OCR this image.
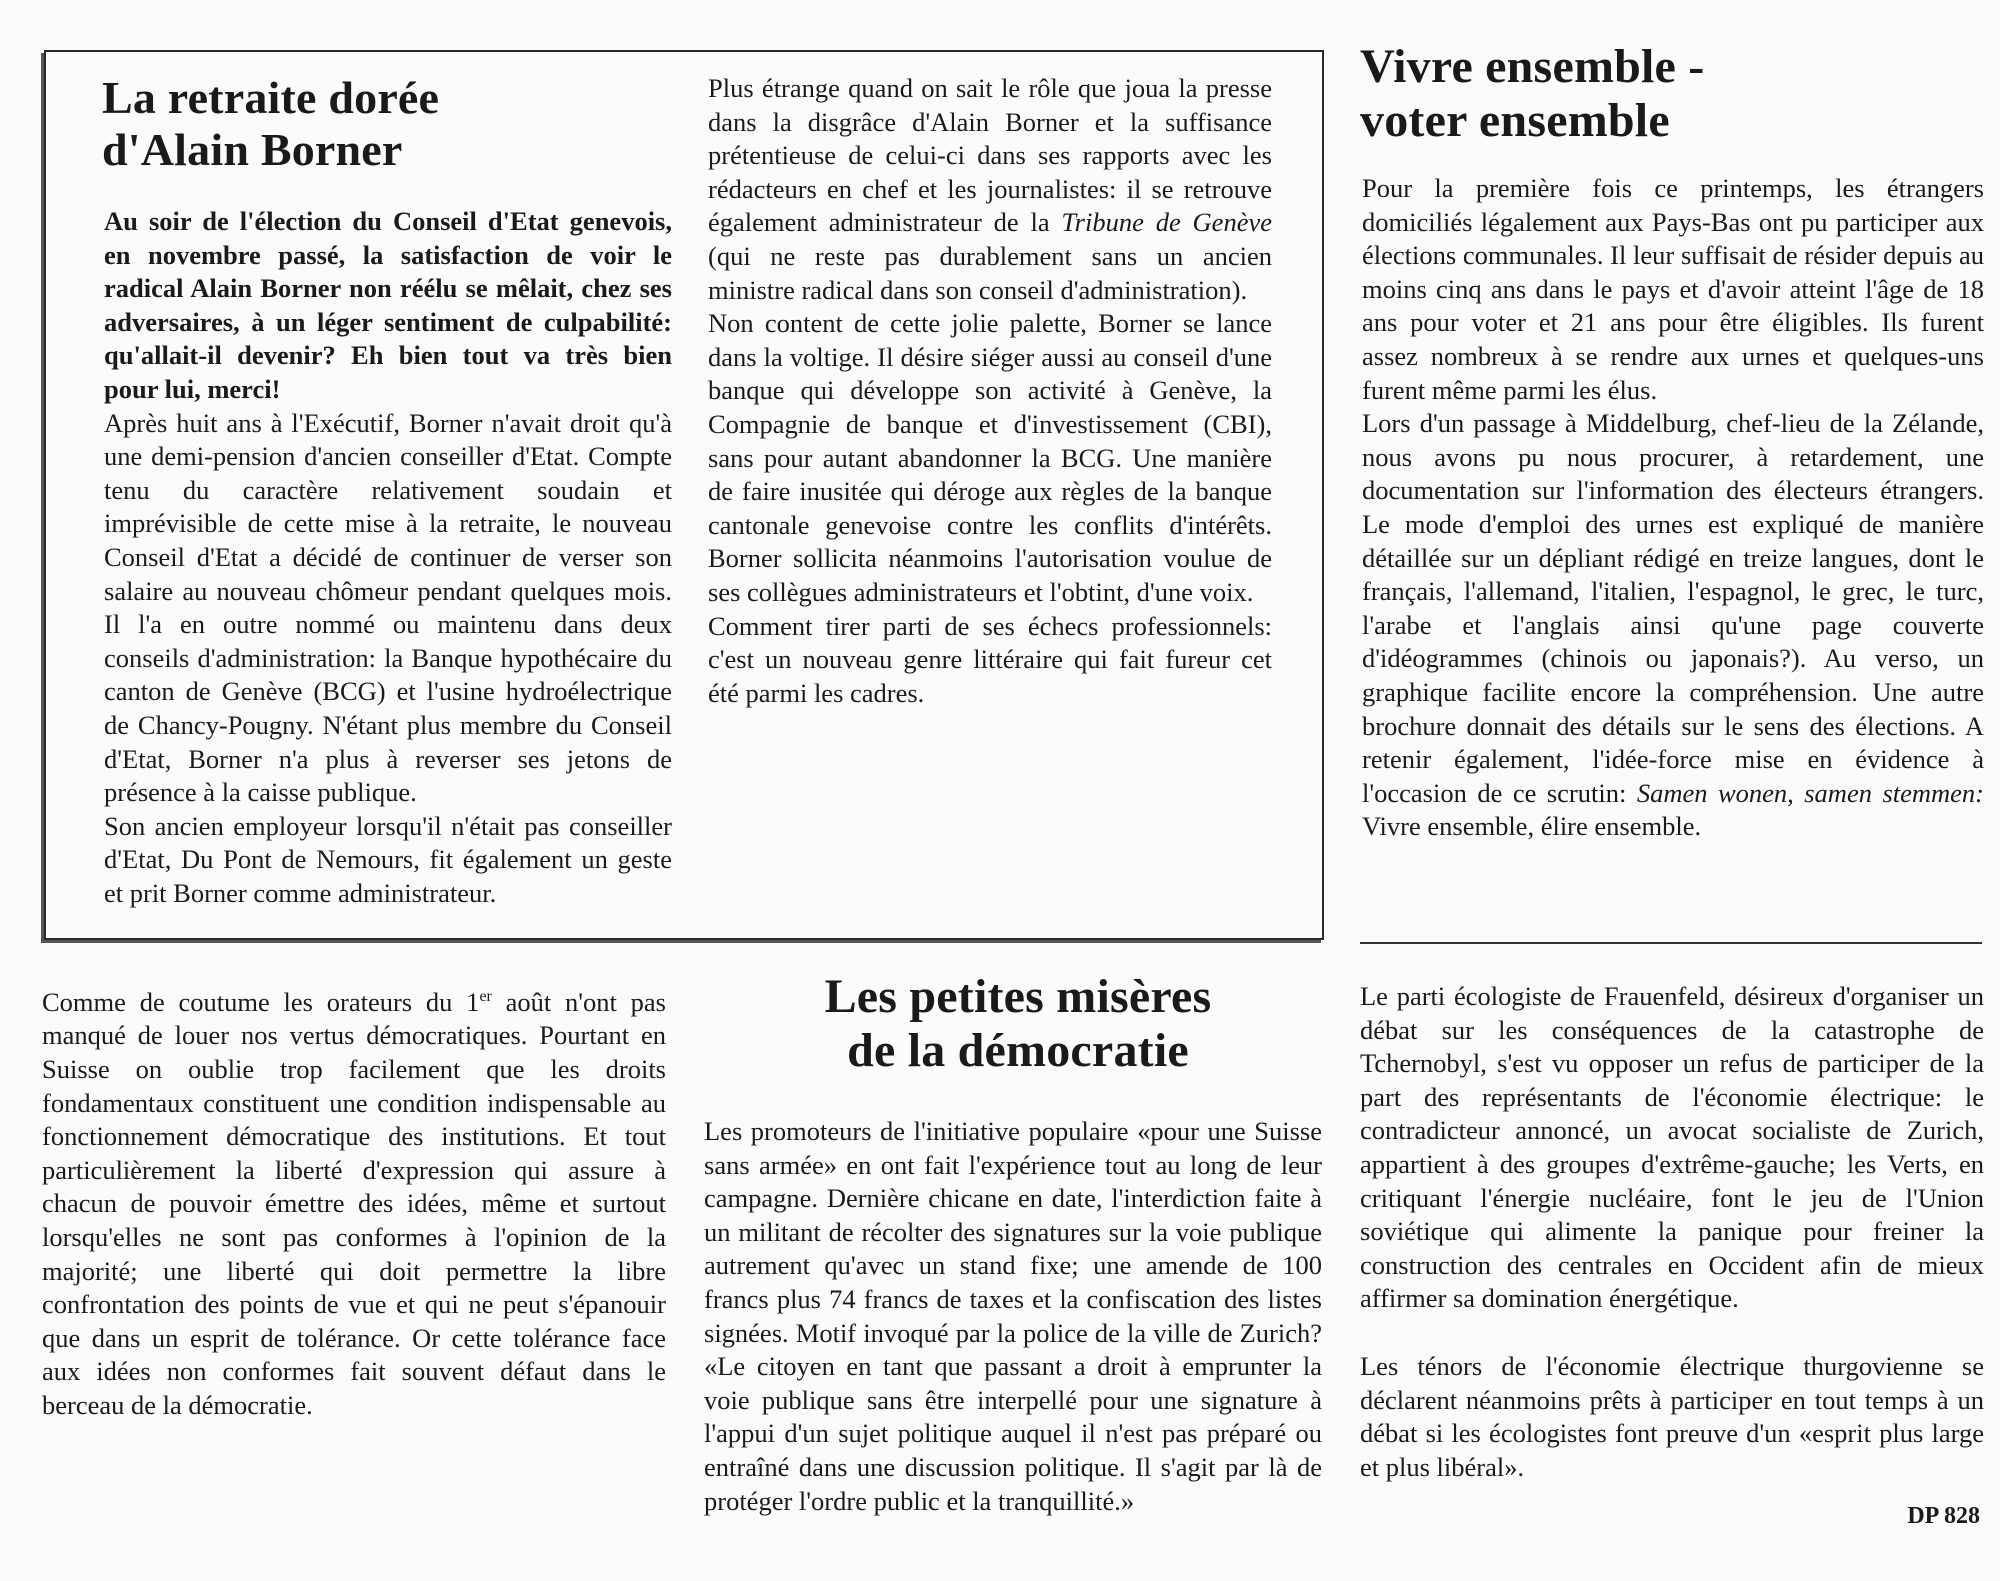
La retraite dorée
d'Alain Borner

Au soir de l'élection du Conseil d'Etat genevois, en novembre passé, la satisfaction de voir le radical Alain Borner non réélu se mêlait, chez ses adversaires, à un léger sentiment de culpabilité: qu'allait-il devenir? Eh bien tout va très bien pour lui, merci!

Après huit ans à l'Exécutif, Borner n'avait droit qu'à une demi-pension d'ancien conseiller d'Etat. Compte tenu du caractère relativement soudain et imprévisible de cette mise à la retraite, le nouveau Conseil d'Etat a décidé de continuer de verser son salaire au nouveau chômeur pendant quelques mois. Il l'a en outre nommé ou maintenu dans deux conseils d'administration: la Banque hypothécaire du canton de Genève (BCG) et l'usine hydroélectrique de Chancy-Pougny. N'étant plus membre du Conseil d'Etat, Borner n'a plus à reverser ses jetons de présence à la caisse publique.

Son ancien employeur lorsqu'il n'était pas conseiller d'Etat, Du Pont de Nemours, fit également un geste et prit Borner comme administrateur.

Plus étrange quand on sait le rôle que joua la presse dans la disgrâce d'Alain Borner et la suffisance prétentieuse de celui-ci dans ses rapports avec les rédacteurs en chef et les journalistes: il se retrouve également administrateur de la Tribune de Genève (qui ne reste pas durablement sans un ancien ministre radical dans son conseil d'administration).

Non content de cette jolie palette, Borner se lance dans la voltige. Il désire siéger aussi au conseil d'une banque qui développe son activité à Genève, la Compagnie de banque et d'investissement (CBI), sans pour autant abandonner la BCG. Une manière de faire inusitée qui déroge aux règles de la banque cantonale genevoise contre les conflits d'intérêts. Borner sollicita néanmoins l'autorisation voulue de ses collègues administrateurs et l'obtint, d'une voix.

Comment tirer parti de ses échecs professionnels: c'est un nouveau genre littéraire qui fait fureur cet été parmi les cadres.

Vivre ensemble -
voter ensemble

Pour la première fois ce printemps, les étrangers domiciliés légalement aux Pays-Bas ont pu participer aux élections communales. Il leur suffisait de résider depuis au moins cinq ans dans le pays et d'avoir atteint l'âge de 18 ans pour voter et 21 ans pour être éligibles. Ils furent assez nombreux à se rendre aux urnes et quelques-uns furent même parmi les élus.

Lors d'un passage à Middelburg, chef-lieu de la Zélande, nous avons pu nous procurer, à retardement, une documentation sur l'information des électeurs étrangers. Le mode d'emploi des urnes est expliqué de manière détaillée sur un dépliant rédigé en treize langues, dont le français, l'allemand, l'italien, l'espagnol, le grec, le turc, l'arabe et l'anglais ainsi qu'une page couverte d'idéogrammes (chinois ou japonais?). Au verso, un graphique facilite encore la compréhension. Une autre brochure donnait des détails sur le sens des élections. A retenir également, l'idée-force mise en évidence à l'occasion de ce scrutin: Samen wonen, samen stemmen: Vivre ensemble, élire ensemble.

Les petites misères
de la démocratie

Comme de coutume les orateurs du 1er août n'ont pas manqué de louer nos vertus démocratiques. Pourtant en Suisse on oublie trop facilement que les droits fondamentaux constituent une condition indispensable au fonctionnement démocratique des institutions. Et tout particulièrement la liberté d'expression qui assure à chacun de pouvoir émettre des idées, même et surtout lorsqu'elles ne sont pas conformes à l'opinion de la majorité; une liberté qui doit permettre la libre confrontation des points de vue et qui ne peut s'épanouir que dans un esprit de tolérance. Or cette tolérance face aux idées non conformes fait souvent défaut dans le berceau de la démocratie.

Les promoteurs de l'initiative populaire «pour une Suisse sans armée» en ont fait l'expérience tout au long de leur campagne. Dernière chicane en date, l'interdiction faite à un militant de récolter des signatures sur la voie publique autrement qu'avec un stand fixe; une amende de 100 francs plus 74 francs de taxes et la confiscation des listes signées. Motif invoqué par la police de la ville de Zurich? «Le citoyen en tant que passant a droit à emprunter la voie publique sans être interpellé pour une signature à l'appui d'un sujet politique auquel il n'est pas préparé ou entraîné dans une discussion politique. Il s'agit par là de protéger l'ordre public et la tranquillité.»

Le parti écologiste de Frauenfeld, désireux d'organiser un débat sur les conséquences de la catastrophe de Tchernobyl, s'est vu opposer un refus de participer de la part des représentants de l'économie électrique: le contradicteur annoncé, un avocat socialiste de Zurich, appartient à des groupes d'extrême-gauche; les Verts, en critiquant l'énergie nucléaire, font le jeu de l'Union soviétique qui alimente la panique pour freiner la construction des centrales en Occident afin de mieux affirmer sa domination énergétique.

Les ténors de l'économie électrique thurgovienne se déclarent néanmoins prêts à participer en tout temps à un débat si les écologistes font preuve d'un «esprit plus large et plus libéral».

DP 828
